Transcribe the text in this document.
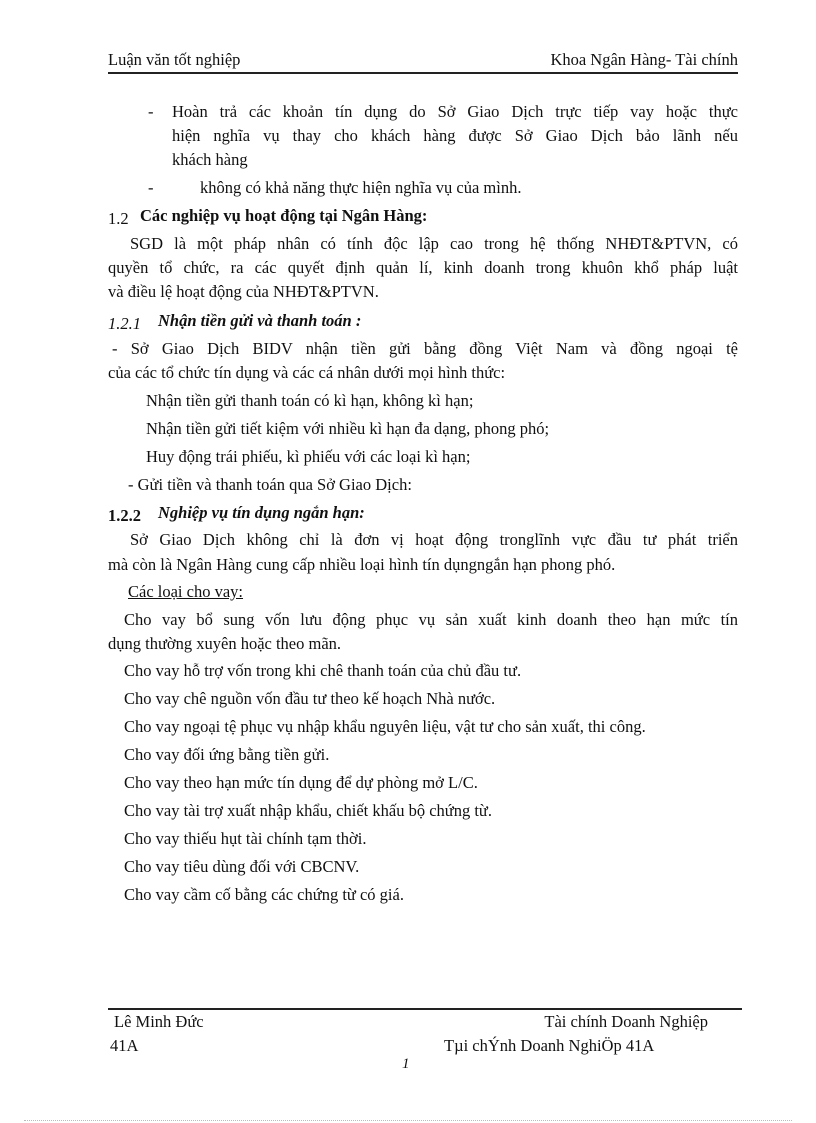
Luận văn tốt nghiệp	Khoa Ngân Hàng- Tài chính
- Hoàn trả các khoản tín dụng do Sở Giao Dịch trực tiếp vay hoặc thực
hiện nghĩa vụ thay cho khách hàng được Sở Giao Dịch bảo lãnh nếu
khách hàng
-	không có khả năng thực hiện nghĩa vụ của mình.
1.2 Các nghiệp vụ hoạt động tại Ngân Hàng:
SGD là một pháp nhân có tính độc lập cao trong hệ thống NHĐT&PTVN, có
quyền tổ chức, ra các quyết định quản lí, kinh doanh trong khuôn khổ pháp luật
và điều lệ hoạt động của NHĐT&PTVN.
1.2.1 Nhận tiền gửi và thanh toán :
- Sở Giao Dịch BIDV nhận tiền gửi bằng đồng Việt Nam và đồng ngoại tệ
của các tổ chức tín dụng và các cá nhân dưới mọi hình thức:
Nhận tiền gửi thanh toán có kì hạn, không kì hạn;
Nhận tiền gửi tiết kiệm với nhiều kì hạn đa dạng, phong phó;
Huy động trái phiếu, kì phiếu với các loại kì hạn;
- Gửi tiền và thanh toán qua Sở Giao Dịch:
1.2.2 Nghiệp vụ tín dụng ngắn hạn:
Sở Giao Dịch không chỉ là đơn vị hoạt động tronglĩnh vực đầu tư phát triển
mà còn là Ngân Hàng cung cấp nhiều loại hình tín dụngngắn hạn phong phó.
Các loại cho vay:
Cho vay bổ sung vốn lưu động phục vụ sản xuất kinh doanh theo hạn mức tín
dụng thường xuyên hoặc theo mãn.
Cho vay hỗ trợ vốn trong khi chê thanh toán của chủ đầu tư.
Cho vay chê nguồn vốn đầu tư theo kế hoạch Nhà nước.
Cho vay ngoại tệ phục vụ nhập khẩu nguyên liệu, vật tư cho sản xuất, thi công.
Cho vay đối ứng bằng tiền gửi.
Cho vay theo hạn mức tín dụng để dự phòng mở L/C.
Cho vay tài trợ xuất nhập khẩu, chiết khấu bộ chứng từ.
Cho vay thiếu hụt tài chính tạm thời.
Cho vay tiêu dùng đối với CBCNV.
Cho vay cầm cố bằng các chứng từ có giá.
Lê Minh Đức
41A
Tài chính Doanh Nghiệp
Tµi chÝnh Doanh NghiÖp 41A
1
